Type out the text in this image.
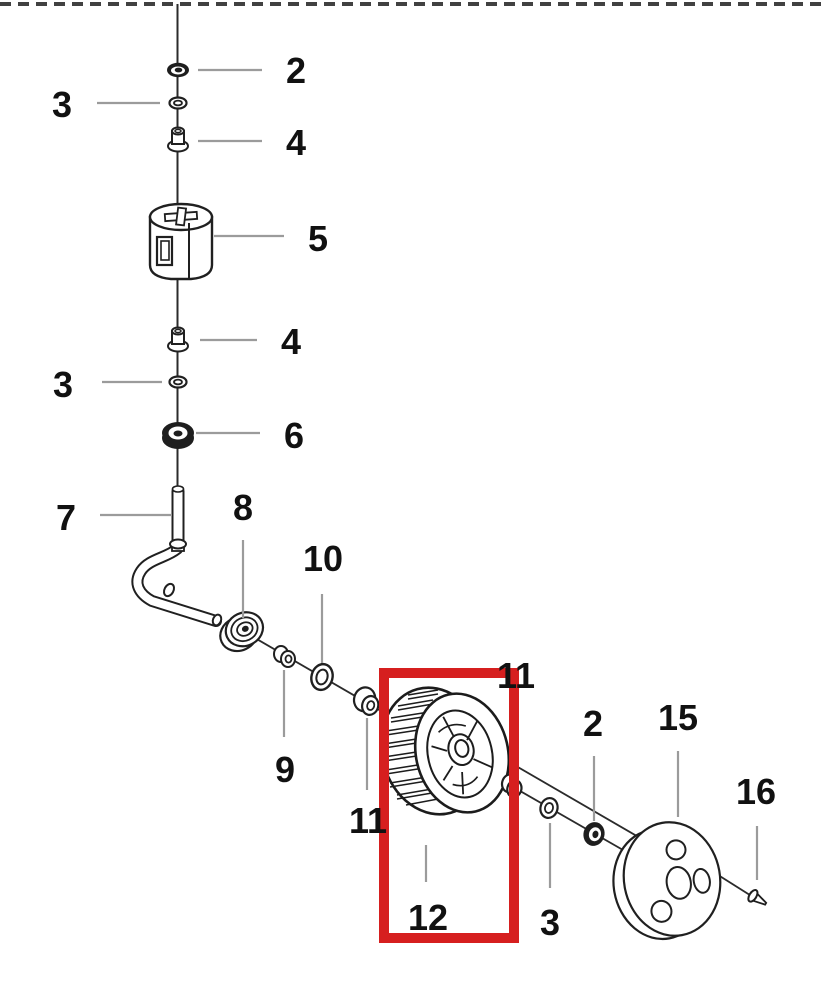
2
3
4
5
4
3
6
7	8
10
9
11
11
12	3
2 15
16
